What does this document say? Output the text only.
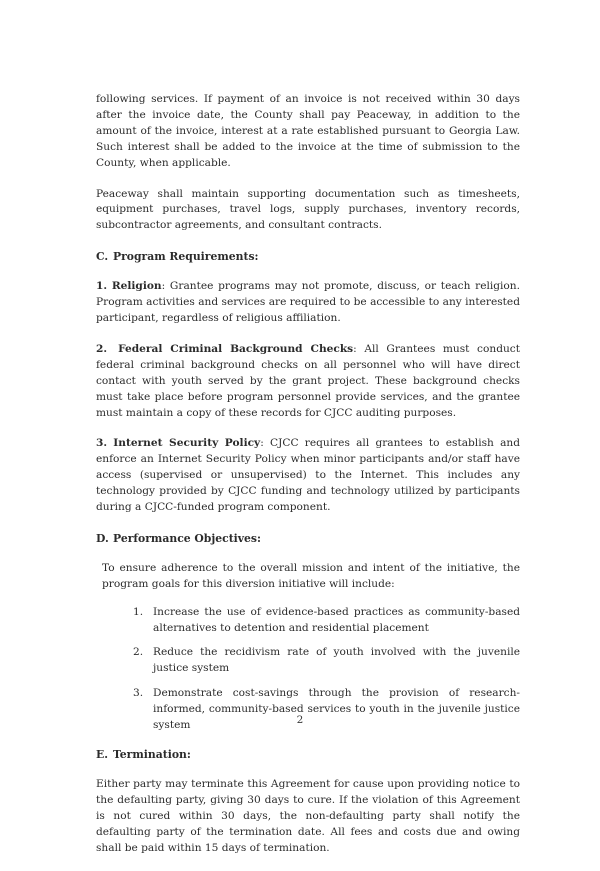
following services. If payment of an invoice is not received within 30 days after the invoice date, the County shall pay Peaceway, in addition to the amount of the invoice, interest at a rate established pursuant to Georgia Law. Such interest shall be added to the invoice at the time of submission to the County, when applicable.

Peaceway shall maintain supporting documentation such as timesheets, equipment purchases, travel logs, supply purchases, inventory records, subcontractor agreements, and consultant contracts.

C. Program Requirements:

1. Religion: Grantee programs may not promote, discuss, or teach religion. Program activities and services are required to be accessible to any interested participant, regardless of religious affiliation.

2. Federal Criminal Background Checks: All Grantees must conduct federal criminal background checks on all personnel who will have direct contact with youth served by the grant project. These background checks must take place before program personnel provide services, and the grantee must maintain a copy of these records for CJCC auditing purposes.

3. Internet Security Policy: CJCC requires all grantees to establish and enforce an Internet Security Policy when minor participants and/or staff have access (supervised or unsupervised) to the Internet. This includes any technology provided by CJCC funding and technology utilized by participants during a CJCC-funded program component.

D. Performance Objectives:

To ensure adherence to the overall mission and intent of the initiative, the program goals for this diversion initiative will include:

Increase the use of evidence-based practices as community-based alternatives to detention and residential placement
Reduce the recidivism rate of youth involved with the juvenile justice system
Demonstrate cost-savings through the provision of research-informed, community-based services to youth in the juvenile justice system
E. Termination:

Either party may terminate this Agreement for cause upon providing notice to the defaulting party, giving 30 days to cure. If the violation of this Agreement is not cured within 30 days, the non-defaulting party shall notify the defaulting party of the termination date. All fees and costs due and owing shall be paid within 15 days of termination.

2
